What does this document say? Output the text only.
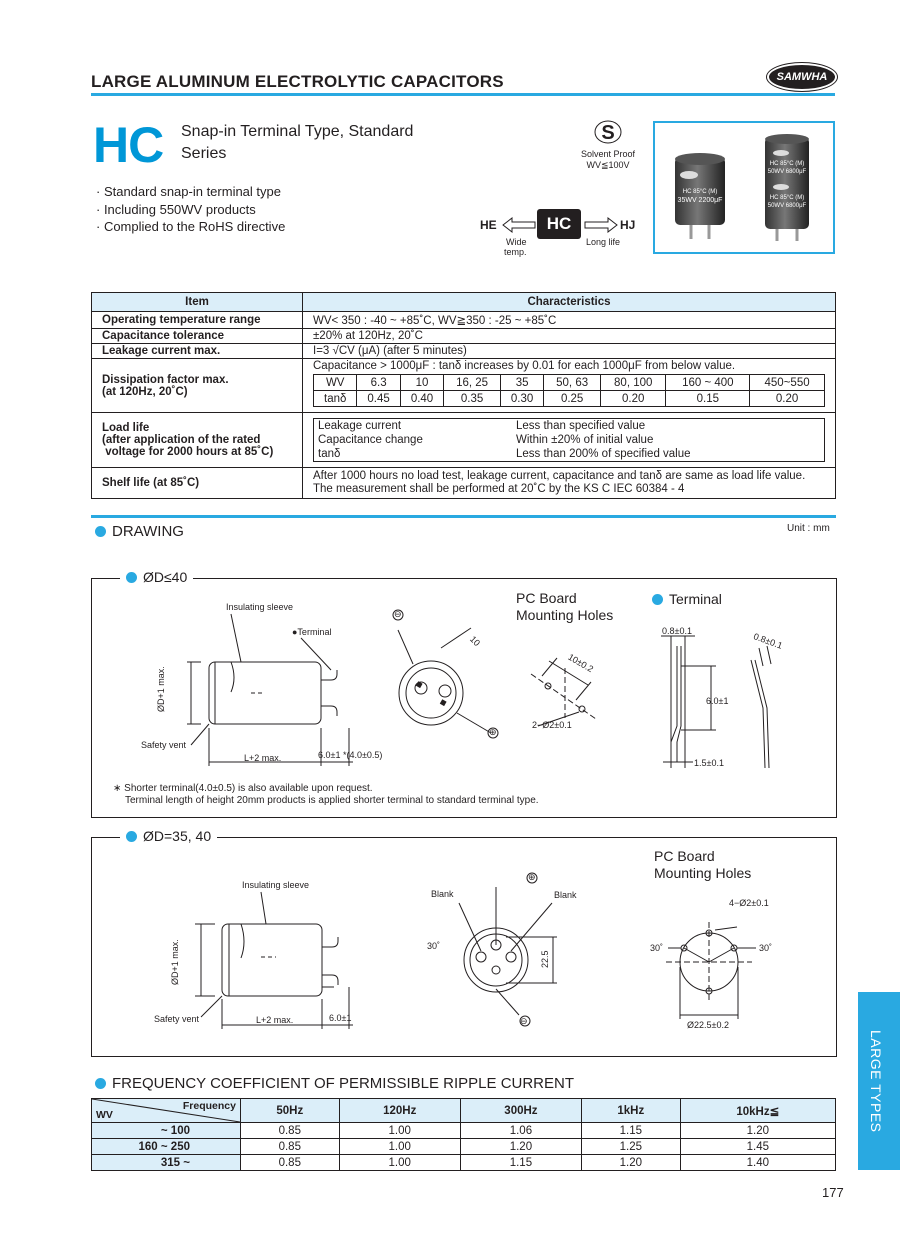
LARGE ALUMINUM ELECTROLYTIC CAPACITORS	SAMWHA
HC Snap-in Terminal Type, Standard Series
· Standard snap-in terminal type
· Including 550WV products
· Complied to the RoHS directive
S
Solvent Proof
WV≦100V
HE	HC	HJ
Wide
temp.
Long life
HC 85°C (M)
35WV 2200μF
HC 85°C (M)
50WV 6800μF
HC 85°C (M)
50WV 6800μF
Item	Characteristics
Operating temperature range	WV< 350 : -40 ~ +85˚C, WV≧350 : -25 ~ +85˚C
Capacitance tolerance	±20% at 120Hz, 20˚C
Leakage current max.	I=3 √CV (μA) (after 5 minutes)

Dissipation factor max.
(at 120Hz, 20˚C)

Capacitance > 1000μF : tanδ increases by 0.01 for each 1000μF from below value.
WV	6.3	10	16, 25	35	50, 63	80, 100	160 ~ 400	450~550
tanδ	0.45	0.40	0.35	0.30	0.25	0.20	0.15	0.20

Load life
(after application of the rated
voltage for 2000 hours at 85˚C)

Leakage current	Less than specified value
Capacitance change	Within ±20% of initial value
tanδ	Less than 200% of specified value

Shelf life (at 85˚C)	
After 1000 hours no load test, leakage current, capacitance and tanδ are same as load life value.
The measurement shall be performed at 20˚C by the KS C IEC 60384 - 4
DRAWING	Unit : mm
ØD≤40
Insulating sleeve
●Terminal
ØD+1 max.
Safety vent
L+2 max.	6.0±1 *(4.0±0.5)
10
⊖
⊕
PC Board
Mounting Holes
10±0.2
2−Ø2±0.1
Terminal
0.8±0.1
0.8±0.1
6.0±1
1.5±0.1
∗ Shorter terminal(4.0±0.5) is also available upon request.
Terminal length of height 20mm products is applied shorter terminal to standard terminal type.
ØD=35, 40
Insulating sleeve
ØD+1 max.
Safety vent	L+2 max.	6.0±1
Blank	Blank
30˚
22.5
⊕
⊖
PC Board
Mounting Holes
4−Ø2±0.1
30˚	30˚
Ø22.5±0.2
FREQUENCY COEFFICIENT OF PERMISSIBLE RIPPLE CURRENT
Frequency
WV	50Hz	120Hz	300Hz	1kHz	10kHz≦
~ 100	0.85	1.00	1.06	1.15	1.20
160 ~ 250	0.85	1.00	1.20	1.25	1.45
315 ~	0.85	1.00	1.15	1.20	1.40
LARGE TYPES
177
